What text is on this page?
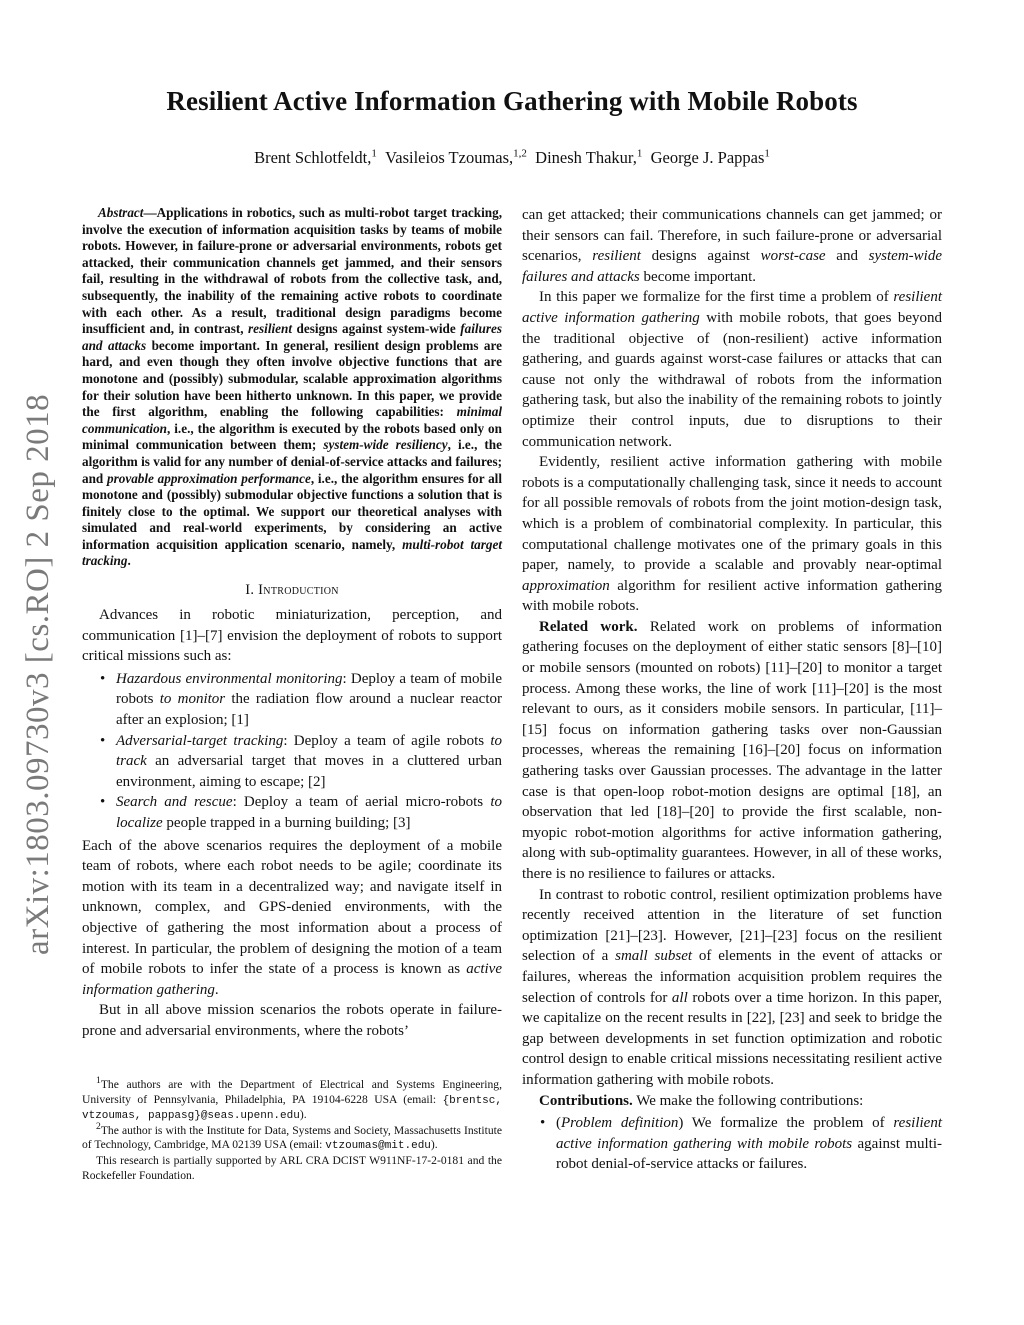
Resilient Active Information Gathering with Mobile Robots
Brent Schlotfeldt,$^1$ Vasileios Tzoumas,$^{1,2}$ Dinesh Thakur,$^1$ George J. Pappas$^1$
arXiv:1803.09730v3 [cs.RO] 2 Sep 2018

Abstract—Applications in robotics, such as multi-robot target tracking, involve the execution of information acquisition tasks by teams of mobile robots. However, in failure-prone or adversarial environments, robots get attacked, their communication channels get jammed, and their sensors fail, resulting in the withdrawal of robots from the collective task, and, subsequently, the inability of the remaining active robots to coordinate with each other. As a result, traditional design paradigms become insufficient and, in contrast, resilient designs against system-wide failures and attacks become important. In general, resilient design problems are hard, and even though they often involve objective functions that are monotone and (possibly) submodular, scalable approximation algorithms for their solution have been hitherto unknown. In this paper, we provide the first algorithm, enabling the following capabilities: minimal communication, i.e., the algorithm is executed by the robots based only on minimal communication between them; system-wide resiliency, i.e., the algorithm is valid for any number of denial-of-service attacks and failures; and provable approximation performance, i.e., the algorithm ensures for all monotone and (possibly) submodular objective functions a solution that is finitely close to the optimal. We support our theoretical analyses with simulated and real-world experiments, by considering an active information acquisition application scenario, namely, multi-robot target tracking.

I. Introduction

Advances in robotic miniaturization, perception, and communication [1]–[7] envision the deployment of robots to support critical missions such as:

• Hazardous environmental monitoring: Deploy a team of mobile robots to monitor the radiation flow around a nuclear reactor after an explosion; [1]
• Adversarial-target tracking: Deploy a team of agile robots to track an adversarial target that moves in a cluttered urban environment, aiming to escape; [2]
• Search and rescue: Deploy a team of aerial micro-robots to localize people trapped in a burning building; [3]

Each of the above scenarios requires the deployment of a mobile team of robots, where each robot needs to be agile; coordinate its motion with its team in a decentralized way; and navigate itself in unknown, complex, and GPS-denied environments, with the objective of gathering the most information about a process of interest. In particular, the problem of designing the motion of a team of mobile robots to infer the state of a process is known as active information gathering.

But in all above mission scenarios the robots operate in failure-prone and adversarial environments, where the robots’

$^1$The authors are with the Department of Electrical and Systems Engineering, University of Pennsylvania, Philadelphia, PA 19104-6228 USA (email: {brentsc, vtzoumas, pappasg}@seas.upenn.edu).

$^2$The author is with the Institute for Data, Systems and Society, Massachusetts Institute of Technology, Cambridge, MA 02139 USA (email: vtzoumas@mit.edu).

This research is partially supported by ARL CRA DCIST W911NF-17-2-0181 and the Rockefeller Foundation.

can get attacked; their communications channels can get jammed; or their sensors can fail. Therefore, in such failure-prone or adversarial scenarios, resilient designs against worst-case and system-wide failures and attacks become important.

In this paper we formalize for the first time a problem of resilient active information gathering with mobile robots, that goes beyond the traditional objective of (non-resilient) active information gathering, and guards against worst-case failures or attacks that can cause not only the withdrawal of robots from the information gathering task, but also the inability of the remaining robots to jointly optimize their control inputs, due to disruptions to their communication network.

Evidently, resilient active information gathering with mobile robots is a computationally challenging task, since it needs to account for all possible removals of robots from the joint motion-design task, which is a problem of combinatorial complexity. In particular, this computational challenge motivates one of the primary goals in this paper, namely, to provide a scalable and provably near-optimal approximation algorithm for resilient active information gathering with mobile robots.

Related work. Related work on problems of information gathering focuses on the deployment of either static sensors [8]–[10] or mobile sensors (mounted on robots) [11]–[20] to monitor a target process. Among these works, the line of work [11]–[20] is the most relevant to ours, as it considers mobile sensors. In particular, [11]–[15] focus on information gathering tasks over non-Gaussian processes, whereas the remaining [16]–[20] focus on information gathering tasks over Gaussian processes. The advantage in the latter case is that open-loop robot-motion designs are optimal [18], an observation that led [18]–[20] to provide the first scalable, non-myopic robot-motion algorithms for active information gathering, along with sub-optimality guarantees. However, in all of these works, there is no resilience to failures or attacks.

In contrast to robotic control, resilient optimization problems have recently received attention in the literature of set function optimization [21]–[23]. However, [21]–[23] focus on the resilient selection of a small subset of elements in the event of attacks or failures, whereas the information acquisition problem requires the selection of controls for all robots over a time horizon. In this paper, we capitalize on the recent results in [22], [23] and seek to bridge the gap between developments in set function optimization and robotic control design to enable critical missions necessitating resilient active information gathering with mobile robots.

Contributions. We make the following contributions:

• (Problem definition) We formalize the problem of resilient active information gathering with mobile robots against multi-robot denial-of-service attacks or failures.
